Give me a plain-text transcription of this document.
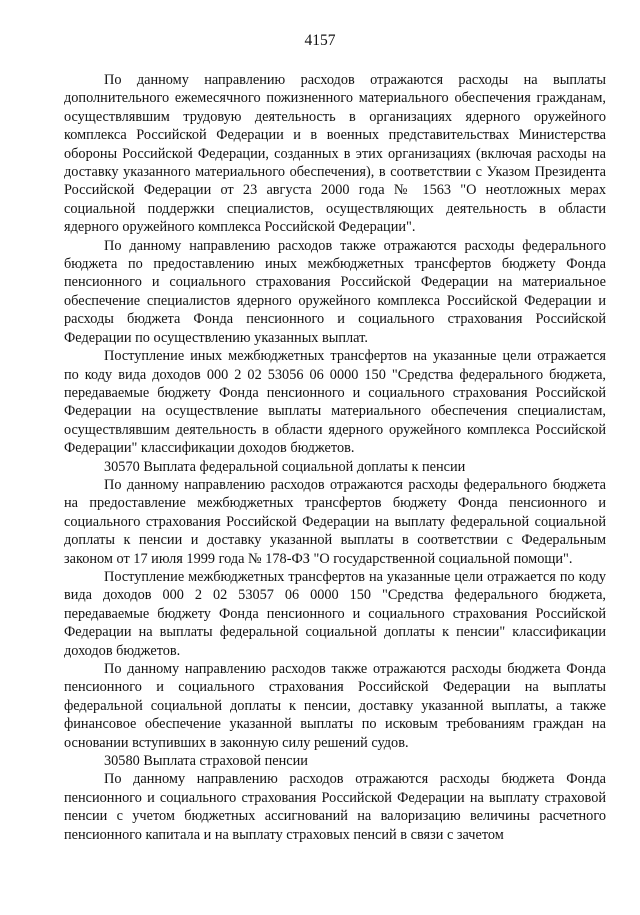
4157

По данному направлению расходов отражаются расходы на выплаты дополнительного ежемесячного пожизненного материального обеспечения гражданам, осуществлявшим трудовую деятельность в организациях ядерного оружейного комплекса Российской Федерации и в военных представительствах Министерства обороны Российской Федерации, созданных в этих организациях (включая расходы на доставку указанного материального обеспечения), в соответствии с Указом Президента Российской Федерации от 23 августа 2000 года № 1563 "О неотложных мерах социальной поддержки специалистов, осуществляющих деятельность в области ядерного оружейного комплекса Российской Федерации".

По данному направлению расходов также отражаются расходы федерального бюджета по предоставлению иных межбюджетных трансфертов бюджету Фонда пенсионного и социального страхования Российской Федерации на материальное обеспечение специалистов ядерного оружейного комплекса Российской Федерации и расходы бюджета Фонда пенсионного и социального страхования Российской Федерации по осуществлению указанных выплат.

Поступление иных межбюджетных трансфертов на указанные цели отражается по коду вида доходов 000 2 02 53056 06 0000 150 "Средства федерального бюджета, передаваемые бюджету Фонда пенсионного и социального страхования Российской Федерации на осуществление выплаты материального обеспечения специалистам, осуществлявшим деятельность в области ядерного оружейного комплекса Российской Федерации" классификации доходов бюджетов.

30570 Выплата федеральной социальной доплаты к пенсии

По данному направлению расходов отражаются расходы федерального бюджета на предоставление межбюджетных трансфертов бюджету Фонда пенсионного и социального страхования Российской Федерации на выплату федеральной социальной доплаты к пенсии и доставку указанной выплаты в соответствии с Федеральным законом от 17 июля 1999 года № 178-ФЗ "О государственной социальной помощи".

Поступление межбюджетных трансфертов на указанные цели отражается по коду вида доходов 000 2 02 53057 06 0000 150 "Средства федерального бюджета, передаваемые бюджету Фонда пенсионного и социального страхования Российской Федерации на выплаты федеральной социальной доплаты к пенсии" классификации доходов бюджетов.

По данному направлению расходов также отражаются расходы бюджета Фонда пенсионного и социального страхования Российской Федерации на выплаты федеральной социальной доплаты к пенсии, доставку указанной выплаты, а также финансовое обеспечение указанной выплаты по исковым требованиям граждан на основании вступивших в законную силу решений судов.

30580 Выплата страховой пенсии

По данному направлению расходов отражаются расходы бюджета Фонда пенсионного и социального страхования Российской Федерации на выплату страховой пенсии с учетом бюджетных ассигнований на валоризацию величины расчетного пенсионного капитала и на выплату страховых пенсий в связи с зачетом
